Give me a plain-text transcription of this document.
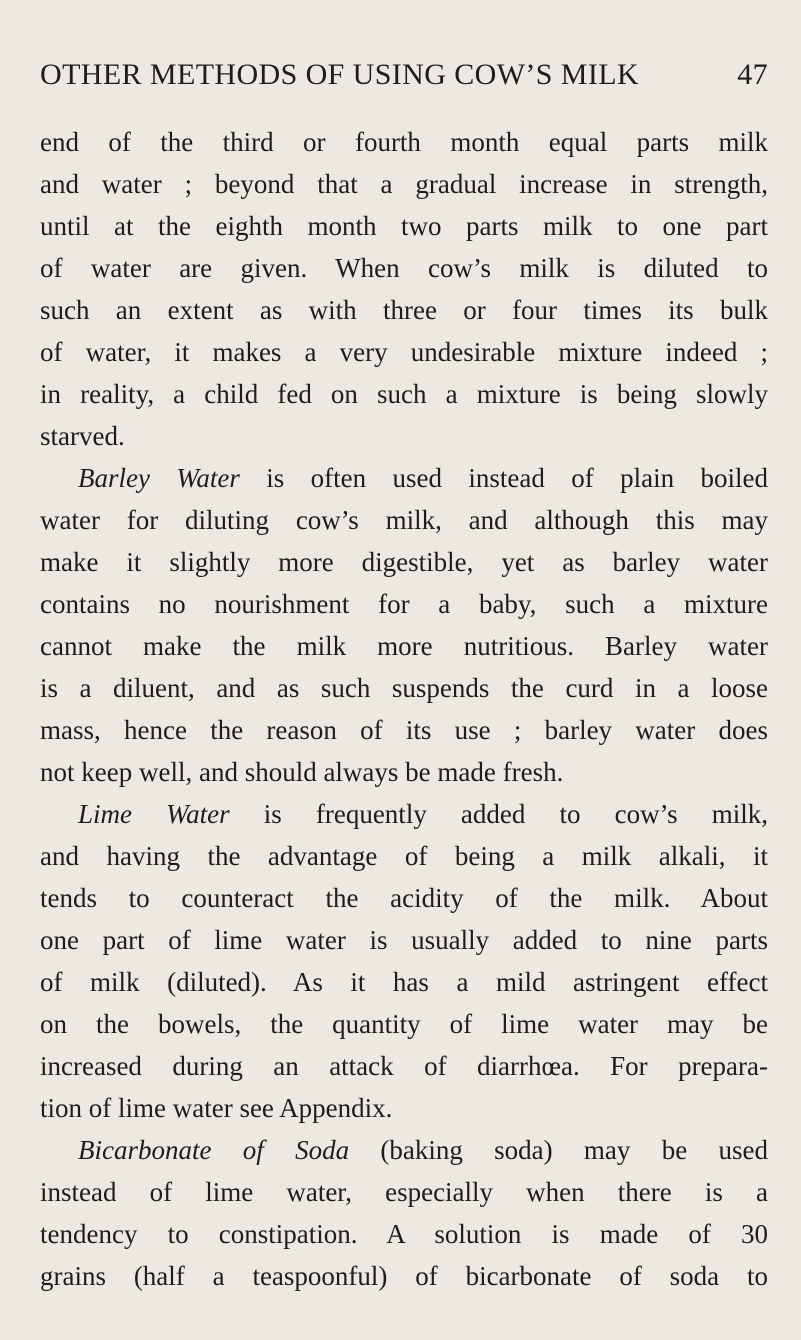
OTHER METHODS OF USING COW’S MILK	47
end of the third or fourth month equal parts milk
and water ; beyond that a gradual increase in strength,
until at the eighth month two parts milk to one part
of water are given. When cow’s milk is diluted to
such an extent as with three or four times its bulk
of water, it makes a very undesirable mixture indeed ;
in reality, a child fed on such a mixture is being slowly
starved.
Barley Water is often used instead of plain boiled
water for diluting cow’s milk, and although this may
make it slightly more digestible, yet as barley water
contains no nourishment for a baby, such a mixture
cannot make the milk more nutritious. Barley water
is a diluent, and as such suspends the curd in a loose
mass, hence the reason of its use ; barley water does
not keep well, and should always be made fresh.
Lime Water is frequently added to cow’s milk,
and having the advantage of being a milk alkali, it
tends to counteract the acidity of the milk. About
one part of lime water is usually added to nine parts
of milk (diluted). As it has a mild astringent effect
on the bowels, the quantity of lime water may be
increased during an attack of diarrhœa. For prepara-
tion of lime water see Appendix.
Bicarbonate of Soda (baking soda) may be used
instead of lime water, especially when there is a
tendency to constipation. A solution is made of 30
grains (half a teaspoonful) of bicarbonate of soda to
